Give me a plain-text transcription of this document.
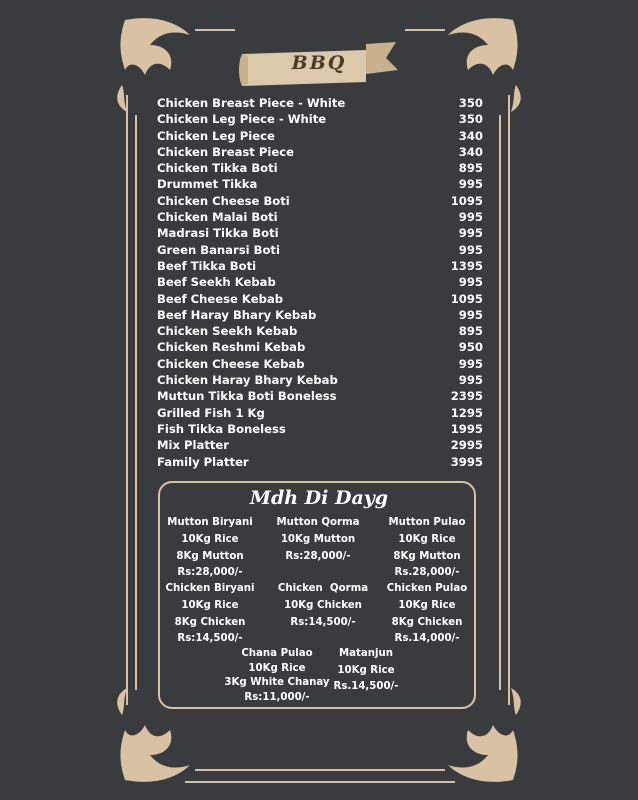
BBQ
Chicken Breast Piece - White	350
Chicken Leg Piece - White	350
Chicken Leg Piece	340
Chicken Breast Piece	340
Chicken Tikka Boti	895
Drummet Tikka	995
Chicken Cheese Boti	1095
Chicken Malai Boti	995
Madrasi Tikka Boti	995
Green Banarsi Boti	995
Beef Tikka Boti	1395
Beef Seekh Kebab	995
Beef Cheese Kebab	1095
Beef Haray Bhary Kebab	995
Chicken Seekh Kebab	895
Chicken Reshmi Kebab	950
Chicken Cheese Kebab	995
Chicken Haray Bhary Kebab	995
Muttun Tikka Boti Boneless	2395
Grilled Fish 1 Kg	1295
Fish Tikka Boneless	1995
Mix Platter	2995
Family Platter	3995
Mdh Di Dayg
Mutton Biryani
10Kg Rice
8Kg Mutton
Rs:28,000/-
Mutton Qorma
10Kg Mutton
Rs:28,000/-
Mutton Pulao
10Kg Rice
8Kg Mutton
Rs.28,000/-
Chicken Biryani
10Kg Rice
8Kg Chicken
Rs:14,500/-
Chicken  Qorma
10Kg Chicken
Rs:14,500/-
Chicken Pulao
10Kg Rice
8Kg Chicken
Rs.14,000/-
Chana Pulao
10Kg Rice
3Kg White Chanay
Rs:11,000/-
Matanjun
10Kg Rice
Rs.14,500/-
